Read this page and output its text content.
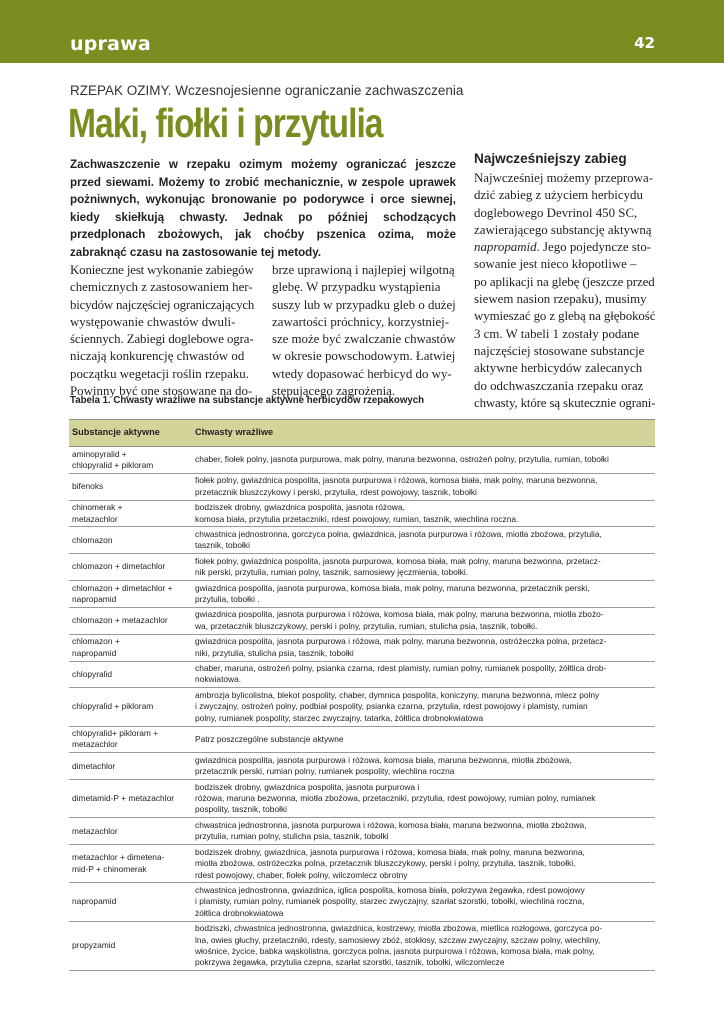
uprawa	42
RZEPAK OZIMY. Wczesnojesienne ograniczanie zachwaszczenia
Maki, fiołki i przytulia

Zachwaszczenie w rzepaku ozimym możemy ograniczać jeszcze przed siewami. Możemy to zrobić mechanicznie, w zespole uprawek pożniwnych, wykonując bronowanie po podorywce i orce siewnej, kiedy skiełkują chwasty. Jednak po później schodzących przedplonach zbożowych, jak choćby pszenica ozima, może zabraknąć czasu na zastosowanie tej metody.

Konieczne jest wykonanie zabiegów
chemicznych z zastosowaniem her-
bicydów najczęściej ograniczających
występowanie chwastów dwuli-
ściennych. Zabiegi doglebowe ogra-
niczają konkurencję chwastów od
początku wegetacji roślin rzepaku.
Powinny być one stosowane na do-
brze uprawioną i najlepiej wilgotną
glebę. W przypadku wystąpienia
suszy lub w przypadku gleb o dużej
zawartości próchnicy, korzystniej-
sze może być zwalczanie chwastów
w okresie powschodowym. Łatwiej
wtedy dopasować herbicyd do wy-
stępującego zagrożenia.
Najwcześniejszy zabieg
Najwcześniej możemy przeprowa-
dzić zabieg z użyciem herbicydu
doglebowego Devrinol 450 SC,
zawierającego substancję aktywną
napropamid. Jego pojedyncze sto-
sowanie jest nieco kłopotliwe –
po aplikacji na glebę (jeszcze przed
siewem nasion rzepaku), musimy
wymieszać go z glebą na głębokość
3 cm. W tabeli 1 zostały podane
najczęściej stosowane substancje
aktywne herbicydów zalecanych
do odchwaszczania rzepaku oraz
chwasty, które są skutecznie ograni-
Tabela 1. Chwasty wrażliwe na substancje aktywne herbicydów rzepakowych
Substancje aktywne	Chwasty wrażliwe

aminopyralid +
chlopyralid + pikloram	chaber, fiołek polny, jasnota purpurowa, mak polny, maruna bezwonna, ostrożeń polny, przytulia, rumian, tobołki

bifenoks	fiołek polny, gwiazdnica pospolita, jasnota purpurowa i różowa, komosa biała, mak polny, maruna bezwonna,
przetacznik bluszczykowy i perski, przytulia, rdest powojowy, tasznik, tobołki

chinomerak +
metazachlor	bodziszek drobny, gwiazdnica pospolita, jasnota różowa,
komosa biała, przytulia przetaczniki, rdest powojowy, rumian, tasznik, wiechlina roczna.

chlomazon	chwastnica jednostronna, gorczyca polna, gwiazdnica, jasnota purpurowa i różowa, miotła zbożowa, przytulia,
tasznik, tobołki

chlomazon + dimetachlor	fiołek polny, gwiazdnica pospolita, jasnota purpurowa, komosa biała, mak polny, maruna bezwonna, przetacz-
nik perski, przytulia, rumian polny, tasznik, samosiewy jęczmienia, tobołki.

chlomazon + dimetachlor +
napropamid	gwiazdnica pospolita, jasnota purpurowa, komosa biała, mak polny, maruna bezwonna, przetacznik perski,
przytulia, tobołki .

chlomazon + metazachlor	gwiazdnica pospolita, jasnota purpurowa i różowa, komosa biała, mak polny, maruna bezwonna, miotła zbożo-
wa, przetacznik bluszczykowy, perski i polny, przytulia, rumian, stulicha psia, tasznik, tobołki.

chlomazon +
napropamid	gwiazdnica pospolita, jasnota purpurowa i różowa, mak polny, maruna bezwonna, ostróżeczka polna, przetacz-
niki, przytulia, stulicha psia, tasznik, tobołki

chlopyralid	chaber, maruna, ostrożeń polny, psianka czarna, rdest plamisty, rumian polny, rumianek pospolity, żółtlica drob-
nokwiatowa.

chlopyralid + pikloram	ambrozja bylicolistna, blekot pospolity, chaber, dymnica pospolita, koniczyny, maruna bezwonna, mlecz polny
i zwyczajny, ostrożeń polny, podbiał pospolity, psianka czarna, przytulia, rdest powojowy i plamisty, rumian
polny, rumianek pospolity, starzec zwyczajny, tatarka, żółtlica drobnokwiatowa

chlopyralid+ pikloram +
metazachlor	Patrz poszczególne substancje aktywne

dimetachlor	gwiazdnica pospolita, jasnota purpurowa i różowa, komosa biała, maruna bezwonna, miotła zbożowa,
przetacznik perski, rumian polny, rumianek pospolity, wiechlina roczna

dimetamid-P + metazachlor	bodziszek drobny, gwiazdnica pospolita, jasnota purpurowa i
różowa, maruna bezwonna, miotła zbożowa, przetaczniki, przytulia, rdest powojowy, rumian polny, rumianek
pospolity, tasznik, tobołki

metazachlor	chwastnica jednostronna, jasnota purpurowa i różowa, komosa biała, maruna bezwonna, miotła zbożowa,
przytulia, rumian polny, stulicha psia, tasznik, tobołki

metazachlor + dimetena-
mid-P + chinomerak	bodziszek drobny, gwiazdnica, jasnota purpurowa i różowa, komosa biała, mak polny, maruna bezwonna,
miotła zbożowa, ostróżeczka polna, przetacznik bluszczykowy, perski i polny, przytulia, tasznik, tobołki,
rdest powojowy, chaber, fiołek polny, wilczomlecz obrotny

napropamid	chwastnica jednostronna, gwiazdnica, iglica pospolita, komosa biała, pokrzywa żegawka, rdest powojowy
i plamisty, rumian polny, rumianek pospolity, starzec zwyczajny, szarłat szorstki, tobołki, wiechlina roczna,
żółtlica drobnokwiatowa

propyzamid	bodziszki, chwastnica jednostronna, gwiazdnica, kostrzewy, miotła zbożowa, mietlica rozłogowa, gorczyca po-
lna, owies głuchy, przetaczniki, rdesty, samosiewy zbóż, stokłosy, szczaw zwyczajny, szczaw polny, wiechliny,
włośnice, życice, babka wąskolistna, gorczyca polna, jasnota purpurowa i różowa, komosa biała, mak polny,
pokrzywa żegawka, przytulia czepna, szarłat szorstki, tasznik, tobołki, wilczomlecze
